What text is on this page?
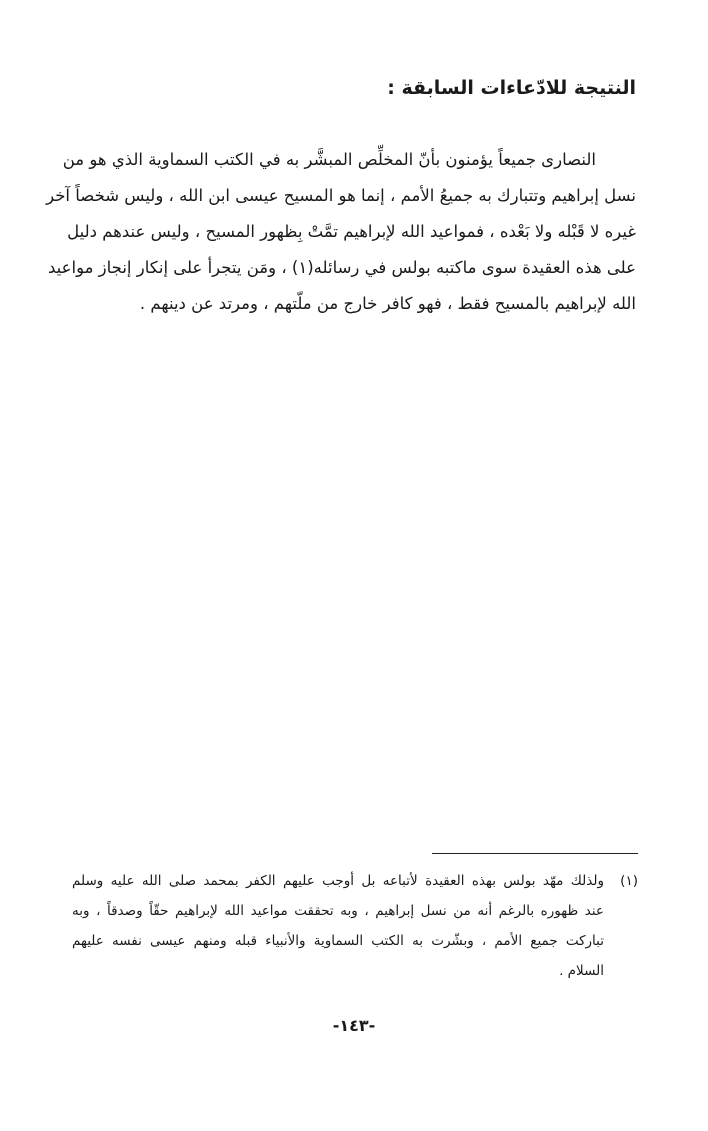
النتيجة للادّعاءات السابقة :
النصارى جميعاً يؤمنون بأنّ المخلِّص المبشَّر به في الكتب السماوية الذي هو من
نسل إبراهيم وتتبارك به جميعُ الأمم ، إنما هو المسيح عيسى ابن الله ، وليس شخصاً آخر
غيره لا قَبْله ولا بَعْده ، فمواعيد الله لإبراهيم تمَّتْ بِظهور المسيح ، وليس عندهم دليل
على هذه العقيدة سوى ماكتبه بولس في رسائله(١) ، ومَن يتجرأ على إنكار إنجاز مواعيد
الله لإبراهيم بالمسيح فقط ، فهو كافر خارج من ملّتهم ، ومرتد عن دينهم .
(١)
ولذلك مهّد بولس بهذه العقيدة لأتباعه بل أوجب عليهم الكفر بمحمد صلى الله عليه وسلم
عند ظهوره بالرغم أنه من نسل إبراهيم ، وبه تحققت مواعيد الله لإبراهيم حقّاً وصدقاً ، وبه
تباركت جميع الأمم ، وبشّرت به الكتب السماوية والأنبياء قبله ومنهم عيسى نفسه عليهم
السلام .
-١٤٣-
